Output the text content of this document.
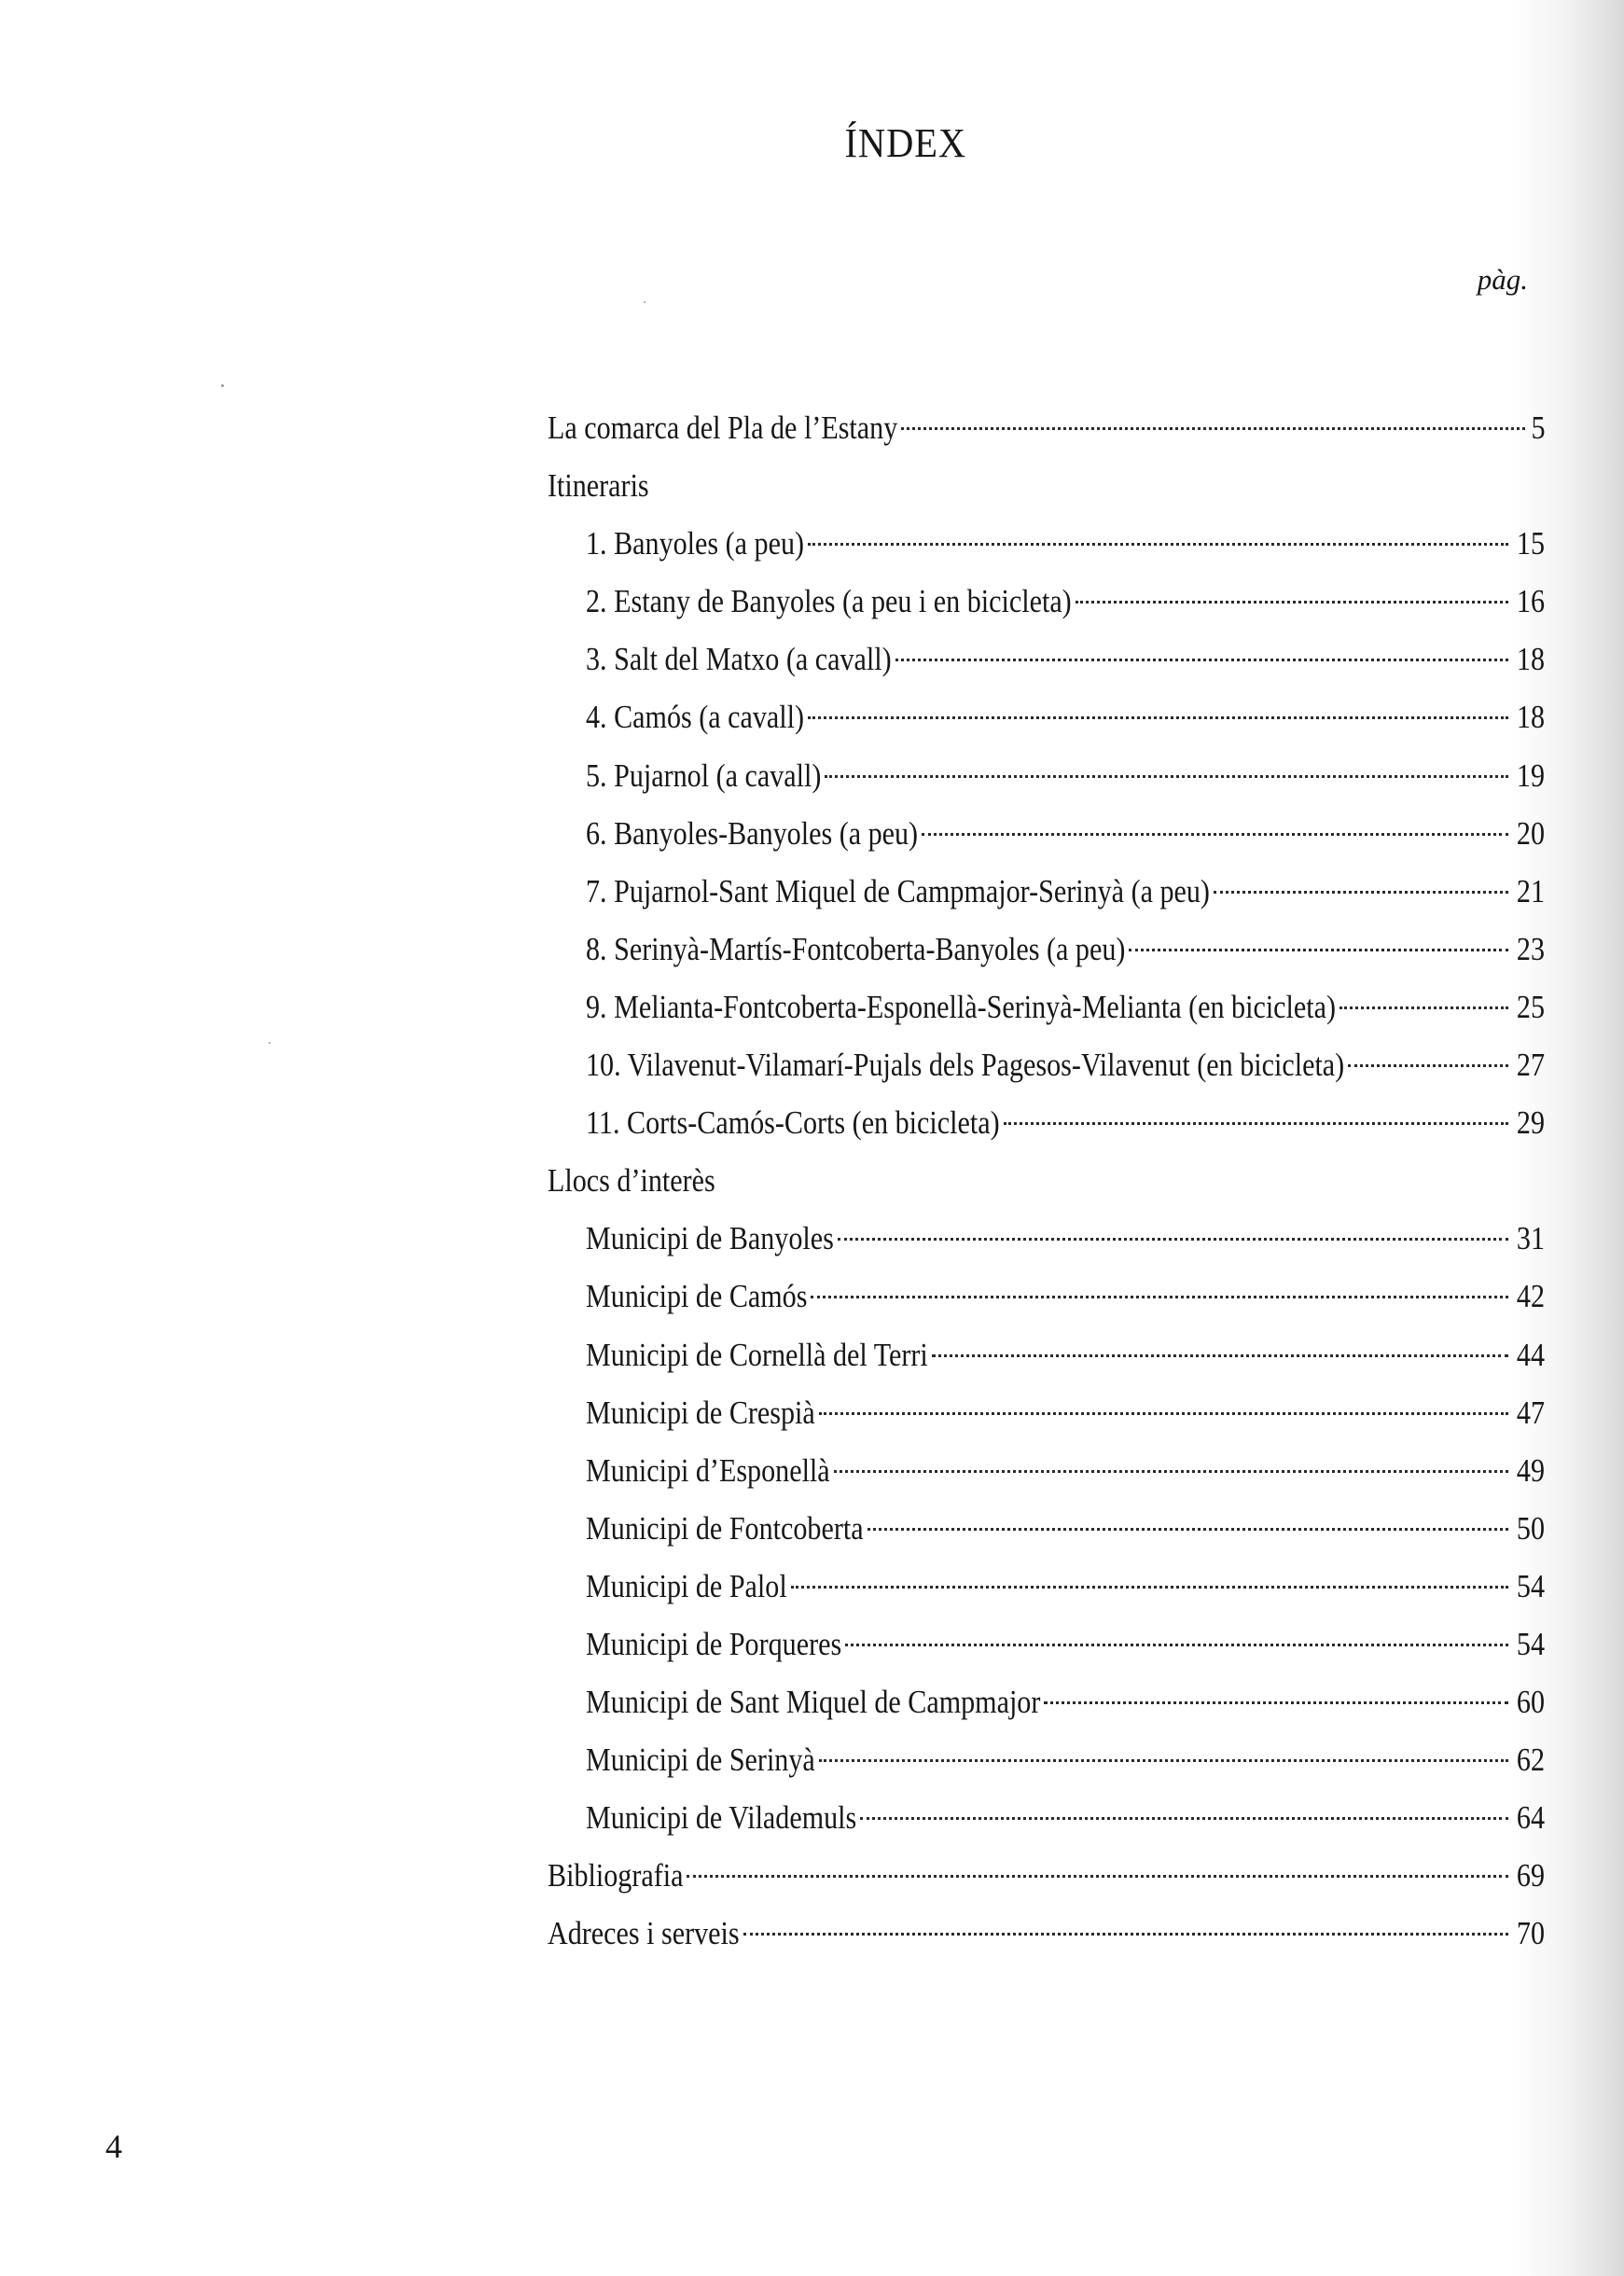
ÍNDEX
pàg.
La comarca del Pla de l’Estany	5
Itineraris
1. Banyoles (a peu)	15
2. Estany de Banyoles (a peu i en bicicleta)	16
3. Salt del Matxo (a cavall)	18
4. Camós (a cavall)	18
5. Pujarnol (a cavall)	19
6. Banyoles-Banyoles (a peu)	20
7. Pujarnol-Sant Miquel de Campmajor-Serinyà (a peu)	21
8. Serinyà-Martís-Fontcoberta-Banyoles (a peu)	23
9. Melianta-Fontcoberta-Esponellà-Serinyà-Melianta (en bicicleta)	25
10. Vilavenut-Vilamarí-Pujals dels Pagesos-Vilavenut (en bicicleta)	27
11. Corts-Camós-Corts (en bicicleta)	29
Llocs d’interès
Municipi de Banyoles	31
Municipi de Camós	42
Municipi de Cornellà del Terri	44
Municipi de Crespià	47
Municipi d’Esponellà	49
Municipi de Fontcoberta	50
Municipi de Palol	54
Municipi de Porqueres	54
Municipi de Sant Miquel de Campmajor	60
Municipi de Serinyà	62
Municipi de Vilademuls	64
Bibliografia	69
Adreces i serveis	70
4
